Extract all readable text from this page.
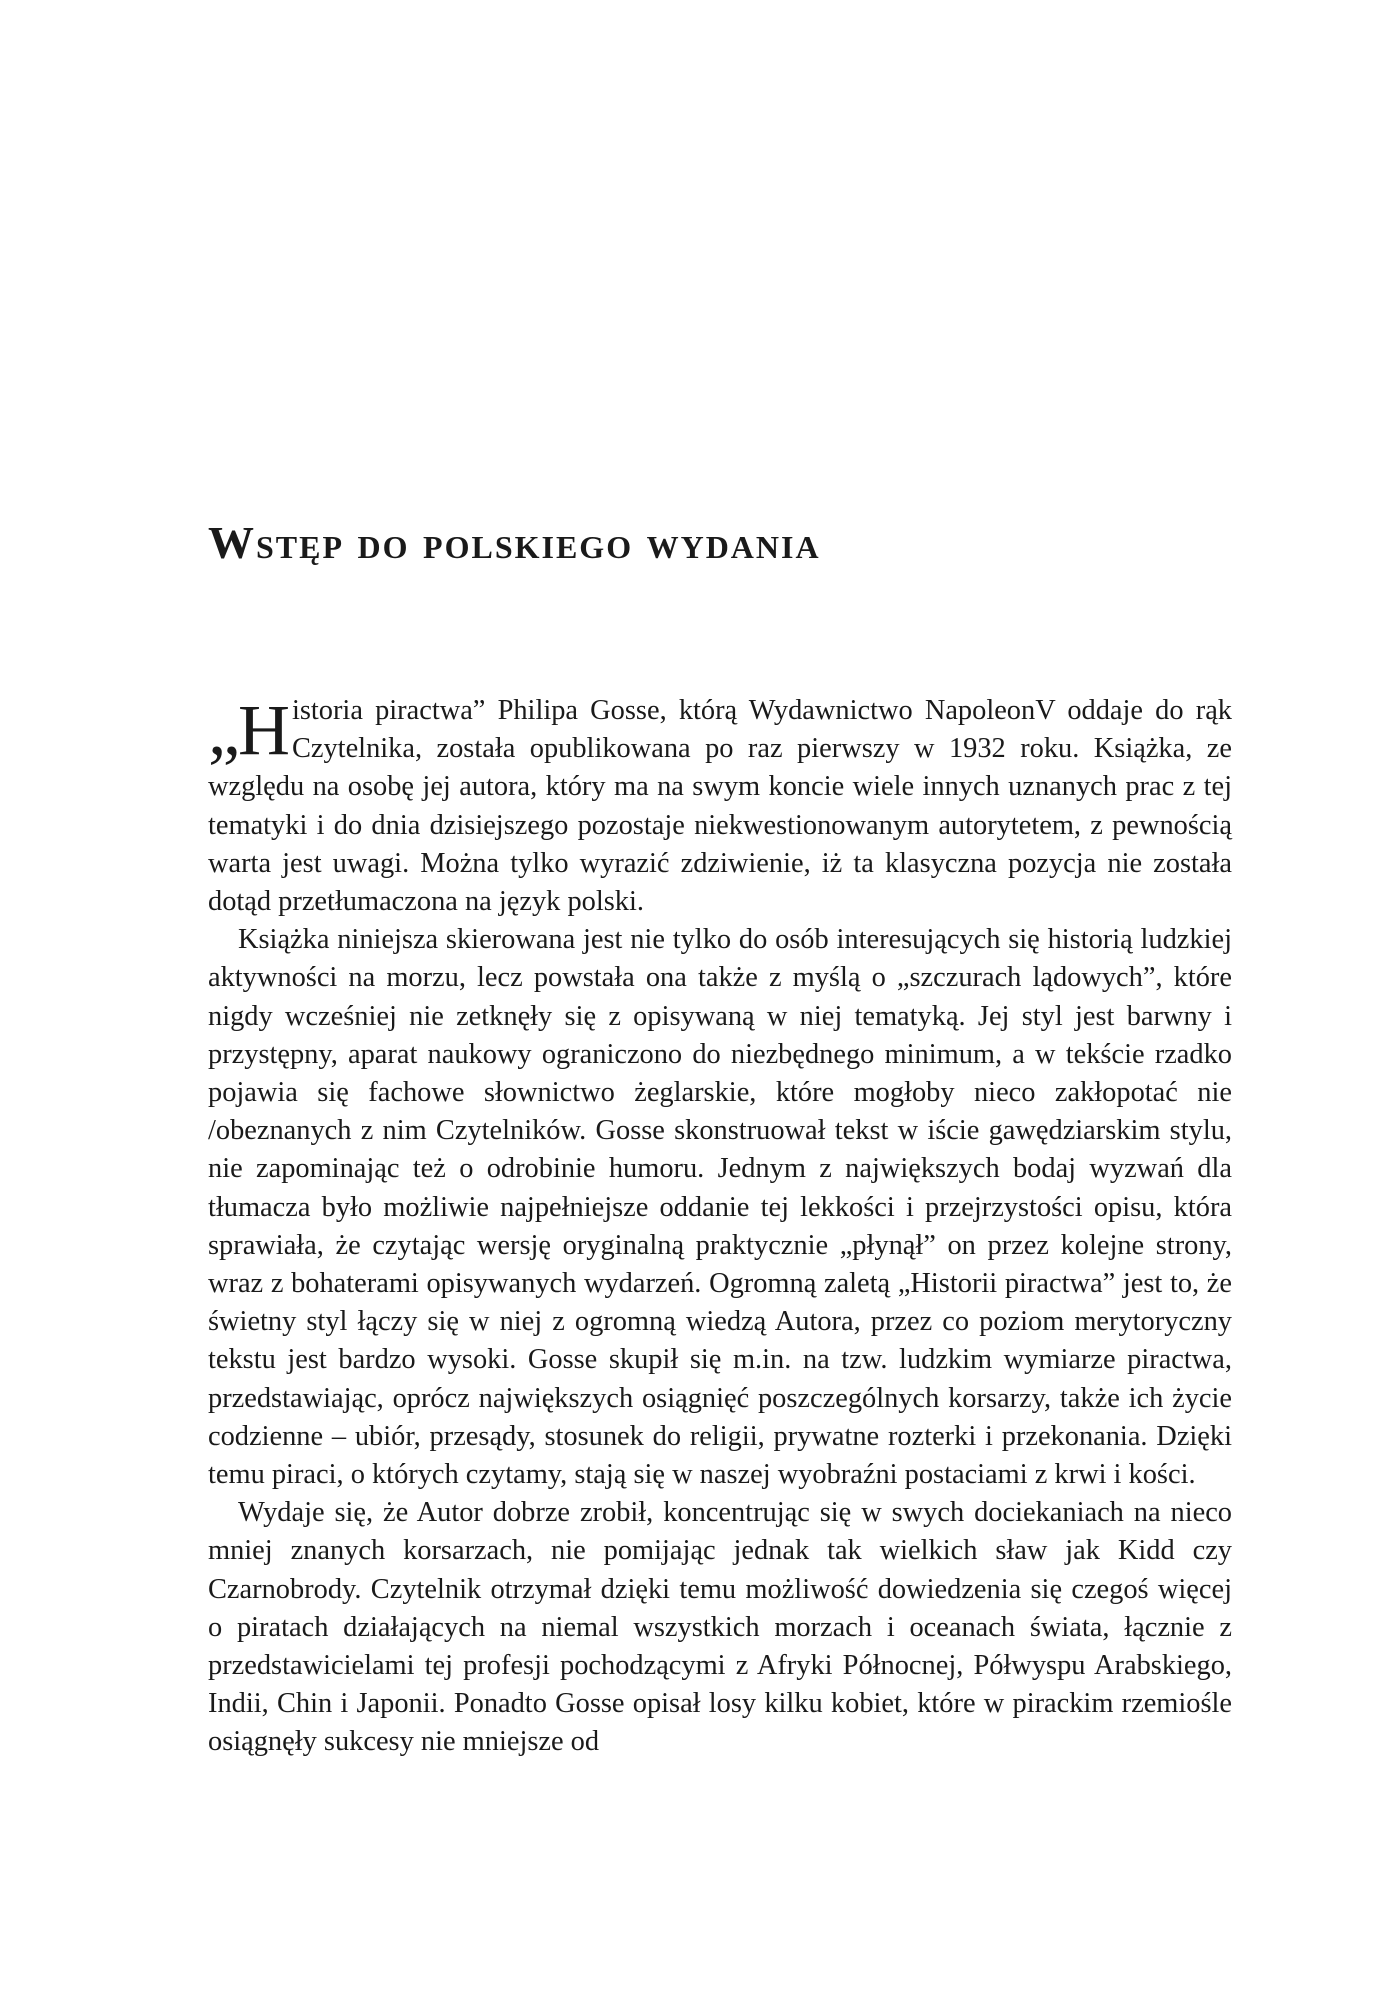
Wstęp do polskiego wydania

„Historia piractwa” Philipa Gosse, którą Wydawnictwo NapoleonV oddaje do rąk Czytelnika, została opublikowana po raz pierwszy w 1932 roku. Książka, ze względu na osobę jej autora, który ma na swym koncie wiele innych uznanych prac z tej tematyki i do dnia dzisiejszego pozostaje niekwestionowanym autorytetem, z pewnością warta jest uwagi. Można tylko wyrazić zdziwienie, iż ta klasyczna pozycja nie została dotąd przetłumaczona na język polski.

Książka niniejsza skierowana jest nie tylko do osób interesujących się historią ludzkiej aktywności na morzu, lecz powstała ona także z myślą o „szczurach lądowych”, które nigdy wcześniej nie zetknęły się z opisywaną w niej tematyką. Jej styl jest barwny i przystępny, aparat naukowy ograniczono do niezbędnego minimum, a w tekście rzadko pojawia się fachowe słownictwo żeglarskie, które mogłoby nieco zakłopotać nie /obeznanych z nim Czytelników. Gosse skonstruował tekst w iście gawędziarskim stylu, nie zapominając też o odrobinie humoru. Jednym z największych bodaj wyzwań dla tłumacza było możliwie najpełniejsze oddanie tej lekkości i przejrzystości opisu, która sprawiała, że czytając wersję oryginalną praktycznie „płynął” on przez kolejne strony, wraz z bohaterami opisywanych wydarzeń. Ogromną zaletą „Historii piractwa” jest to, że świetny styl łączy się w niej z ogromną wiedzą Autora, przez co poziom merytoryczny tekstu jest bardzo wysoki. Gosse skupił się m.in. na tzw. ludzkim wymiarze piractwa, przedstawiając, oprócz największych osiągnięć poszczególnych korsarzy, także ich życie codzienne – ubiór, przesądy, stosunek do religii, prywatne rozterki i przekonania. Dzięki temu piraci, o których czytamy, stają się w naszej wyobraźni postaciami z krwi i kości.

Wydaje się, że Autor dobrze zrobił, koncentrując się w swych dociekaniach na nieco mniej znanych korsarzach, nie pomijając jednak tak wielkich sław jak Kidd czy Czarnobrody. Czytelnik otrzymał dzięki temu możliwość dowiedzenia się czegoś więcej o piratach działających na niemal wszystkich morzach i oceanach świata, łącznie z przedstawicielami tej profesji pochodzącymi z Afryki Północnej, Półwyspu Arabskiego, Indii, Chin i Japonii. Ponadto Gosse opisał losy kilku kobiet, które w pirackim rzemiośle osiągnęły sukcesy nie mniejsze od
